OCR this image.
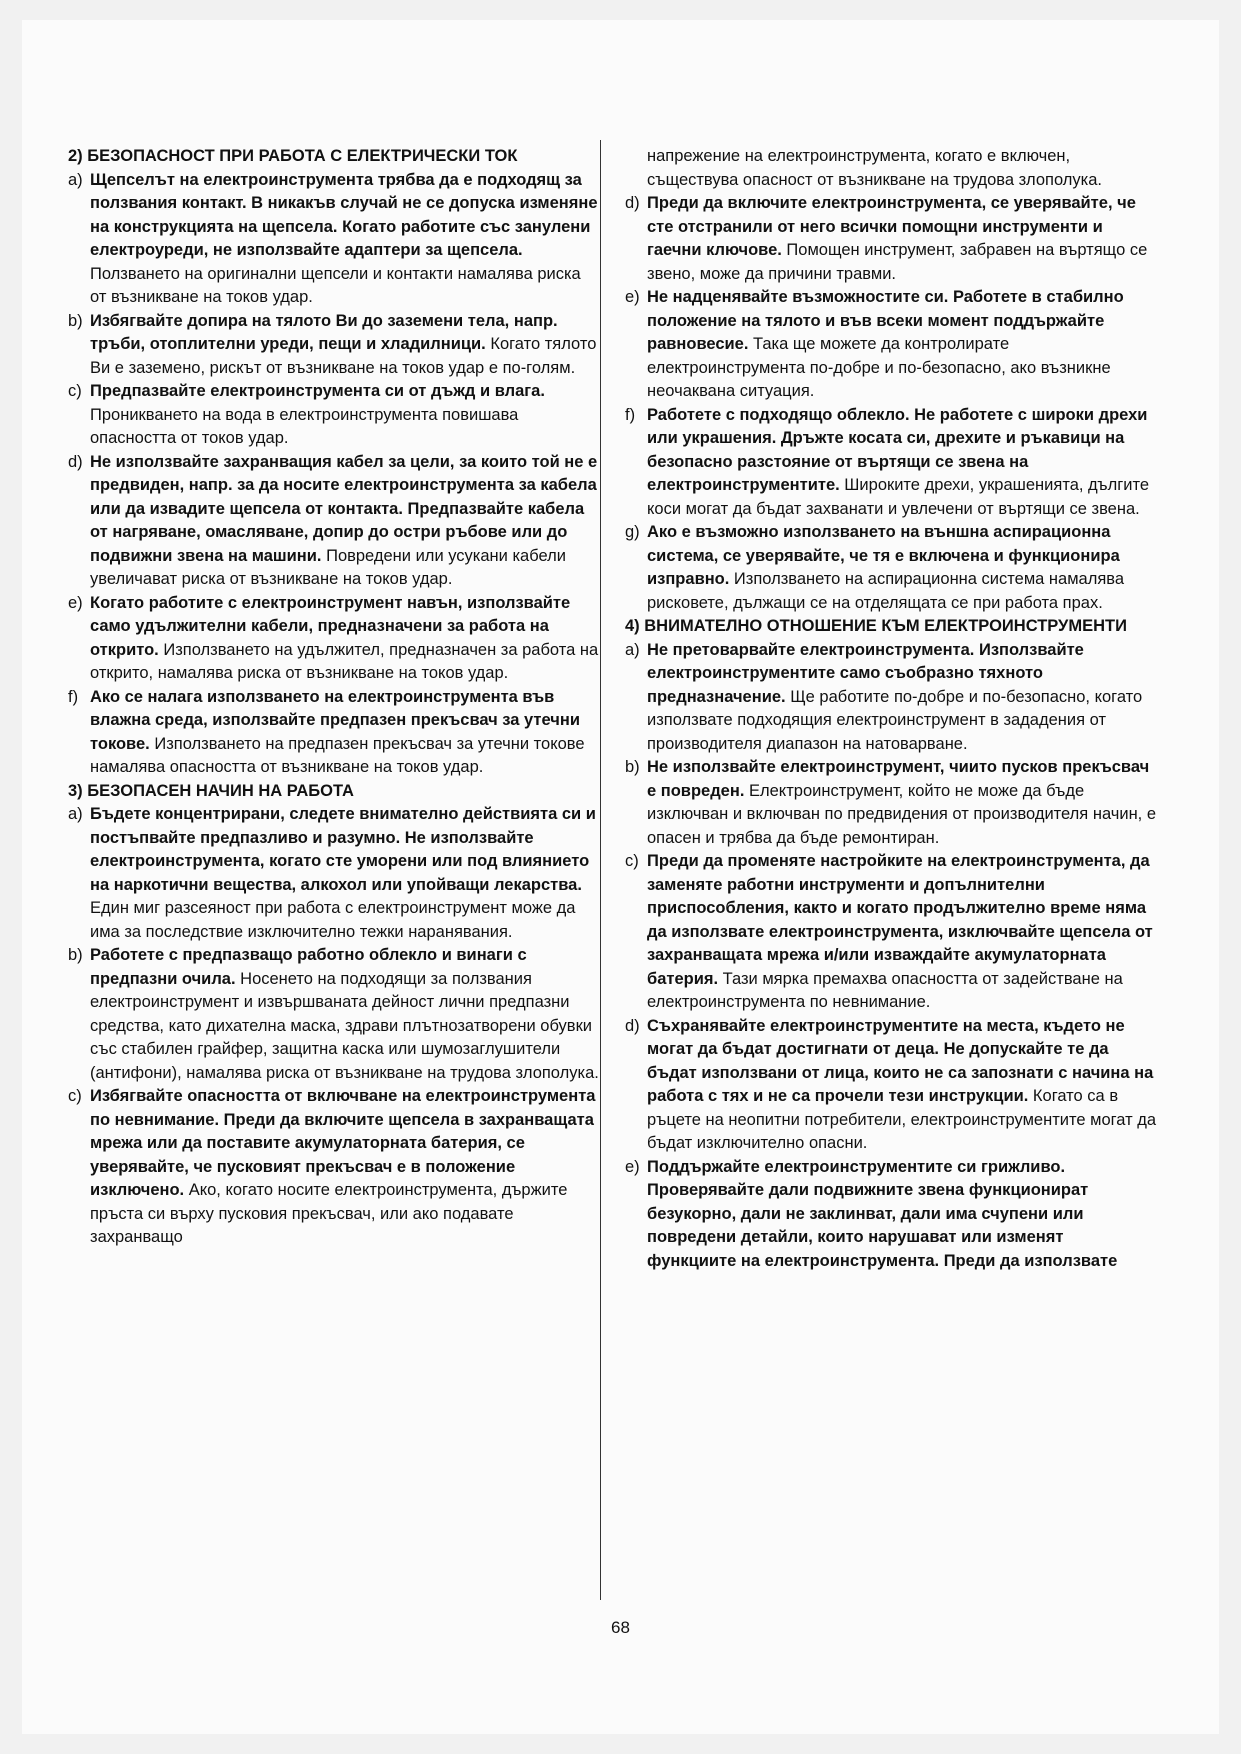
2) БЕЗОПАСНОСТ ПРИ РАБОТА С ЕЛЕКТРИЧЕСКИ ТОК
a) Щепселът на електроинструмента трябва да е подходящ за ползвания контакт. В никакъв случай не се допуска изменяне на конструкцията на щепсела. Когато работите със занулени електроуреди, не използвайте адаптери за щепсела. Ползването на оригинални щепсели и контакти намалява риска от възникване на токов удар.
b) Избягвайте допира на тялото Ви до заземени тела, напр. тръби, отоплителни уреди, пещи и хладилници. Когато тялото Ви е заземено, рискът от възникване на токов удар е по-голям.
c) Предпазвайте електроинструмента си от дъжд и влага. Проникването на вода в електроинструмента повишава опасността от токов удар.
d) Не използвайте захранващия кабел за цели, за които той не е предвиден, напр. за да носите електроинструмента за кабела или да извадите щепсела от контакта. Предпазвайте кабела от нагряване, омасляване, допир до остри ръбове или до подвижни звена на машини. Повредени или усукани кабели увеличават риска от възникване на токов удар.
e) Когато работите с електроинструмент навън, използвайте само удължителни кабели, предназначени за работа на открито. Използването на удължител, предназначен за работа на открито, намалява риска от възникване на токов удар.
f) Ако се налага използването на електроинструмента във влажна среда, използвайте предпазен прекъсвач за утечни токове. Използването на предпазен прекъсвач за утечни токове намалява опасността от възникване на токов удар.
3) БЕЗОПАСЕН НАЧИН НА РАБОТА
a) Бъдете концентрирани, следете внимателно действията си и постъпвайте предпазливо и разумно. Не използвайте електроинструмента, когато сте уморени или под влиянието на наркотични вещества, алкохол или упойващи лекарства. Един миг разсеяност при работа с електроинструмент може да има за последствие изключително тежки наранявания.
b) Работете с предпазващо работно облекло и винаги с предпазни очила. Носенето на подходящи за ползвания електроинструмент и извършваната дейност лични предпазни средства, като дихателна маска, здрави плътнозатворени обувки със стабилен грайфер, защитна каска или шумозаглушители (антифони), намалява риска от възникване на трудова злополука.
c) Избягвайте опасността от включване на електроинструмента по невнимание. Преди да включите щепсела в захранващата мрежа или да поставите акумулаторната батерия, се уверявайте, че пусковият прекъсвач е в положение изключено. Ако, когато носите електроинструмента, държите пръста си върху пусковия прекъсвач, или ако подавате захранващо
напрежение на електроинструмента, когато е включен, съществува опасност от възникване на трудова злополука.
d) Преди да включите електроинструмента, се уверявайте, че сте отстранили от него всички помощни инструменти и гаечни ключове. Помощен инструмент, забравен на въртящо се звено, може да причини травми.
e) Не надценявайте възможностите си. Работете в стабилно положение на тялото и във всеки момент поддържайте равновесие. Така ще можете да контролирате електроинструмента по-добре и по-безопасно, ако възникне неочаквана ситуация.
f) Работете с подходящо облекло. Не работете с широки дрехи или украшения. Дръжте косата си, дрехите и ръкавици на безопасно разстояние от въртящи се звена на електроинструментите. Широките дрехи, украшенията, дългите коси могат да бъдат захванати и увлечени от въртящи се звена.
g) Ако е възможно използването на външна аспирационна система, се уверявайте, че тя е включена и функционира изправно. Използването на аспирационна система намалява рисковете, дължащи се на отделящата се при работа прах.
4) ВНИМАТЕЛНО ОТНОШЕНИЕ КЪМ ЕЛЕКТРОИНСТРУМЕНТИ
a) Не претоварвайте електроинструмента. Използвайте електроинструментите само съобразно тяхното предназначение. Ще работите по-добре и по-безопасно, когато използвате подходящия електроинструмент в зададения от производителя диапазон на натоварване.
b) Не използвайте електроинструмент, чиито пусков прекъсвач е повреден. Електроинструмент, който не може да бъде изключван и включван по предвидения от производителя начин, е опасен и трябва да бъде ремонтиран.
c) Преди да променяте настройките на електроинструмента, да заменяте работни инструменти и допълнителни приспособления, както и когато продължително време няма да използвате електроинструмента, изключвайте щепсела от захранващата мрежа и/или изваждайте акумулаторната батерия. Тази мярка премахва опасността от задействане на електроинструмента по невнимание.
d) Съхранявайте електроинструментите на места, където не могат да бъдат достигнати от деца. Не допускайте те да бъдат използвани от лица, които не са запознати с начина на работа с тях и не са прочели тези инструкции. Когато са в ръцете на неопитни потребители, електроинструментите могат да бъдат изключително опасни.
e) Поддържайте електроинструментите си грижливо. Проверявайте дали подвижните звена функционират безукорно, дали не заклинват, дали има счупени или повредени детайли, които нарушават или изменят функциите на електроинструмента. Преди да използвате
68
